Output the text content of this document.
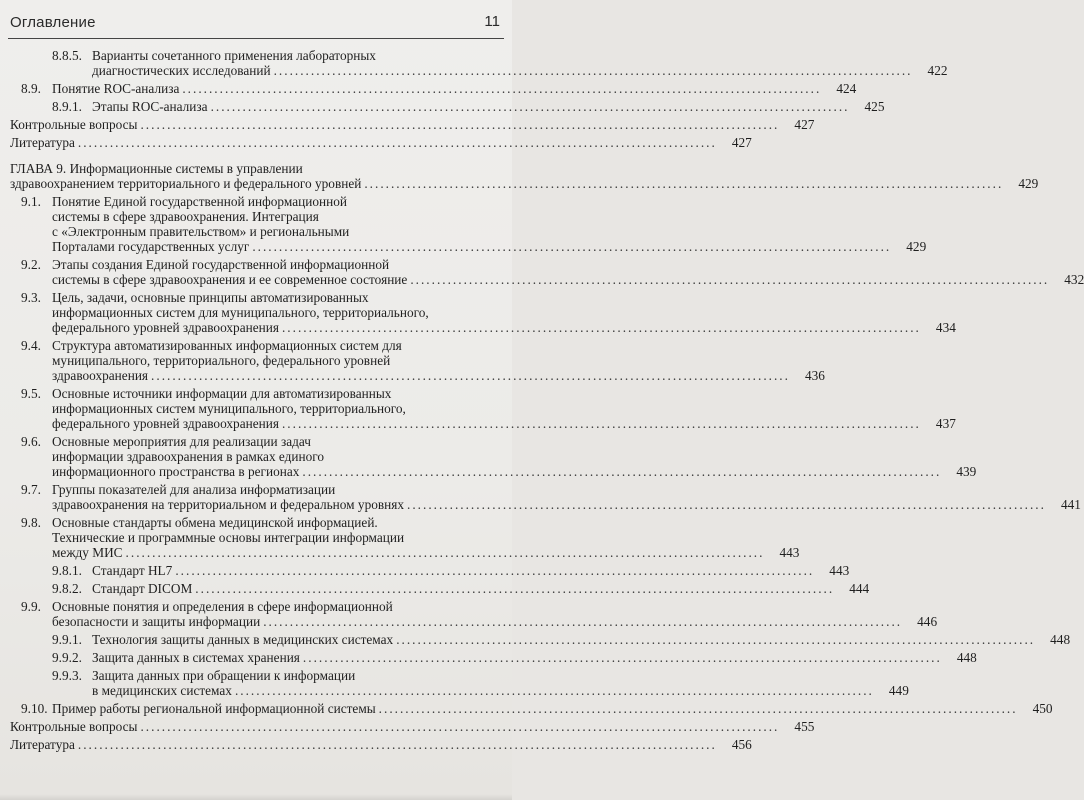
Оглавление	11
8.8.5. Варианты сочетанного применения лабораторных
диагностических исследований ........................................................................................................................	422
8.9. Понятие ROC-анализа ........................................................................................................................	424
8.9.1. Этапы ROC-анализа ........................................................................................................................	425
Контрольные вопросы ........................................................................................................................	427
Литература ........................................................................................................................	427
ГЛАВА 9. Информационные системы в управлении
здравоохранением территориального и федерального уровней ........................................................................................................................	429
9.1. Понятие Единой государственной информационной
системы в сфере здравоохранения. Интеграция
с «Электронным правительством» и региональными
Порталами государственных услуг ........................................................................................................................	429
9.2. Этапы создания Единой государственной информационной
системы в сфере здравоохранения и ее современное состояние ........................................................................................................................	432
9.3. Цель, задачи, основные принципы автоматизированных
информационных систем для муниципального, территориального,
федерального уровней здравоохранения ........................................................................................................................	434
9.4. Структура автоматизированных информационных систем для
муниципального, территориального, федерального уровней
здравоохранения ........................................................................................................................	436
9.5. Основные источники информации для автоматизированных
информационных систем муниципального, территориального,
федерального уровней здравоохранения ........................................................................................................................	437
9.6. Основные мероприятия для реализации задач
информации здравоохранения в рамках единого
информационного пространства в регионах ........................................................................................................................	439
9.7. Группы показателей для анализа информатизации
здравоохранения на территориальном и федеральном уровнях ........................................................................................................................	441
9.8. Основные стандарты обмена медицинской информацией.
Технические и программные основы интеграции информации
между МИС ........................................................................................................................	443
9.8.1. Стандарт HL7 ........................................................................................................................	443
9.8.2. Стандарт DICOM ........................................................................................................................	444
9.9. Основные понятия и определения в сфере информационной
безопасности и защиты информации ........................................................................................................................	446
9.9.1. Технология защиты данных в медицинских системах ........................................................................................................................	448
9.9.2. Защита данных в системах хранения ........................................................................................................................	448
9.9.3. Защита данных при обращении к информации
в медицинских системах ........................................................................................................................	449
9.10. Пример работы региональной информационной системы ........................................................................................................................	450
Контрольные вопросы ........................................................................................................................	455
Литература ........................................................................................................................	456
